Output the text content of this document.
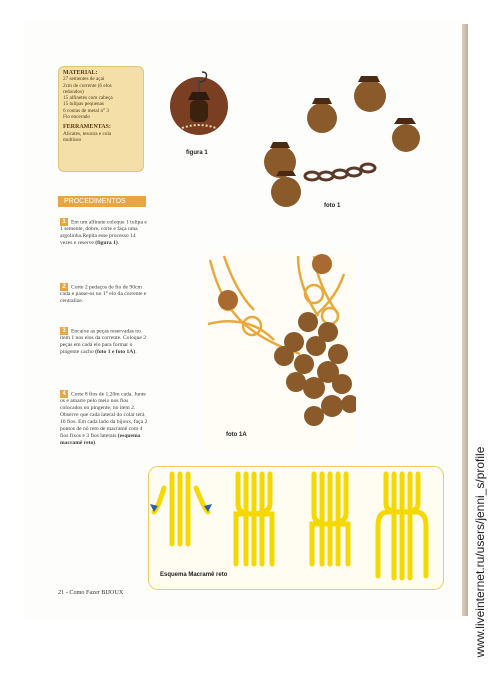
MATERIAL:
27 sementes de açaí
2cm de corrente (6 elos
redondos)
15 alfinetes com cabeça
15 tulipas pequenas
6 contas de metal n° 3
Fio encerado
FERRAMENTAS:
Alicates, tesoura e cola
multiuso
PROCEDIMENTOS
1 Em um alfinete coloque 1 tulipa e 1 semente, dobre, corte e faça uma argolinha.Repita esse processo 14 vezes e reserve (figura 1).
2 Corte 2 pedaços de fio de 90cm cada e passe-os no 1° elo da corrente e centralize.
3 Encaixe as peças reservadas no item 1 nos elos da corrente. Coloque 2 peças em cada elo para formar o pingente cacho (foto 1 e foto 1A).
4 Corte 8 fios de 1,20m cada. Junte os e amarre pelo meio nos fios colocados no pingente, no item 2. Observe que cada lateral do colar terá 10 fios. Em cada lado da bijoux, faça 2 pontos de nó reto de macramê com 4 fios fixos e 3 fios laterais (esquema macramê reto).
figura 1
foto 1
foto 1A
Esquema Macramê reto
21 - Como Fazer BIJOUX	www.liveinternet.ru/users/jenni_s/profile
